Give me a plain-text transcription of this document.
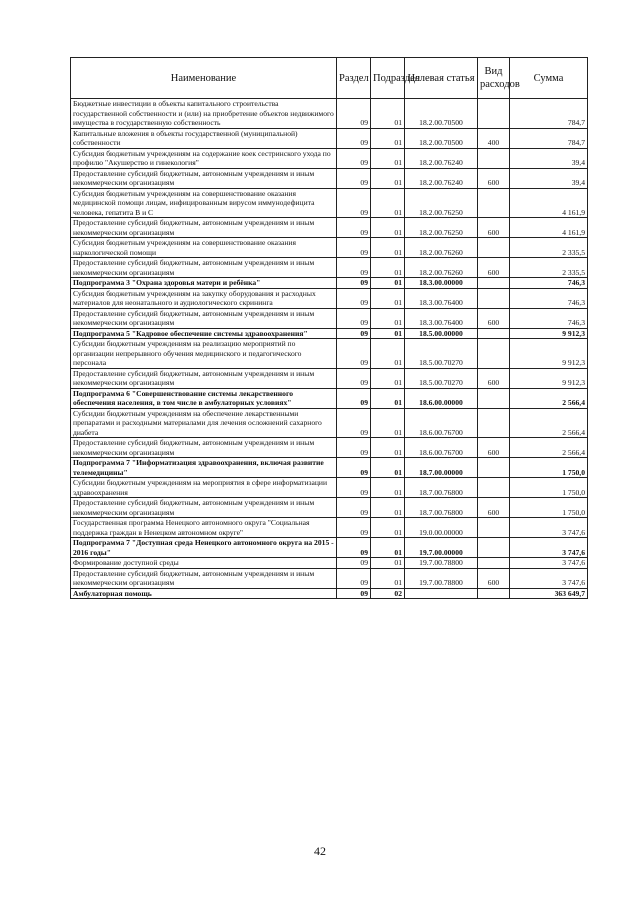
Наименование	Раздел	Подраздел	Целевая статья	Вид расходов	Сумма
Бюджетные инвестиции в объекты капитального строительства государственной собственности и (или) на приобретение объектов недвижимого имущества в государственную собственность	09	01	18.2.00.70500		784,7
Капитальные вложения в объекты государственной (муниципальной) собственности	09	01	18.2.00.70500	400	784,7
Субсидия бюджетным учреждениям на содержание коек сестринского ухода по профилю "Акушерство и гинекология"	09	01	18.2.00.76240		39,4
Предоставление субсидий бюджетным, автономным учреждениям и иным некоммерческим организациям	09	01	18.2.00.76240	600	39,4
Субсидия бюджетным учреждениям на совершенствование оказания медицинской помощи лицам, инфицированным вирусом иммунодефицита человека, гепатита В и С	09	01	18.2.00.76250		4 161,9
Предоставление субсидий бюджетным, автономным учреждениям и иным некоммерческим организациям	09	01	18.2.00.76250	600	4 161,9
Субсидия бюджетным учреждениям на совершенствование оказания наркологической помощи	09	01	18.2.00.76260		2 335,5
Предоставление субсидий бюджетным, автономным учреждениям и иным некоммерческим организациям	09	01	18.2.00.76260	600	2 335,5
Подпрограмма 3 "Охрана здоровья матери и ребёнка"	09	01	18.3.00.00000		746,3
Субсидия бюджетным учреждениям на закупку оборудования и расходных материалов для неонатального и аудиологического скрининга	09	01	18.3.00.76400		746,3
Предоставление субсидий бюджетным, автономным учреждениям и иным некоммерческим организациям	09	01	18.3.00.76400	600	746,3
Подпрограмма 5 "Кадровое обеспечение системы здравоохранения"	09	01	18.5.00.00000		9 912,3
Субсидии бюджетным учреждениям на реализацию мероприятий по организации непрерывного обучения медицинского и педагогического персонала	09	01	18.5.00.70270		9 912,3
Предоставление субсидий бюджетным, автономным учреждениям и иным некоммерческим организациям	09	01	18.5.00.70270	600	9 912,3
Подпрограмма 6 "Совершенствование системы лекарственного обеспечения населения, в том числе в амбулаторных условиях"	09	01	18.6.00.00000		2 566,4
Субсидии бюджетным учреждениям на обеспечение лекарственными препаратами и расходными материалами для лечения осложнений сахарного диабета	09	01	18.6.00.76700		2 566,4
Предоставление субсидий бюджетным, автономным учреждениям и иным некоммерческим организациям	09	01	18.6.00.76700	600	2 566,4
Подпрограмма 7 "Информатизация здравоохранения, включая развитие телемедицины"	09	01	18.7.00.00000		1 750,0
Субсидии бюджетным учреждениям на мероприятия в сфере информатизации здравоохранения	09	01	18.7.00.76800		1 750,0
Предоставление субсидий бюджетным, автономным учреждениям и иным некоммерческим организациям	09	01	18.7.00.76800	600	1 750,0
Государственная программа Ненецкого автономного округа "Социальная поддержка граждан в Ненецком автономном округе"	09	01	19.0.00.00000		3 747,6
Подпрограмма 7 "Доступная среда Ненецкого автономного округа на 2015 - 2016 годы"	09	01	19.7.00.00000		3 747,6
Формирование доступной среды	09	01	19.7.00.78800		3 747,6
Предоставление субсидий бюджетным, автономным учреждениям и иным некоммерческим организациям	09	01	19.7.00.78800	600	3 747,6
Амбулаторная помощь	09	02			363 649,7
42
